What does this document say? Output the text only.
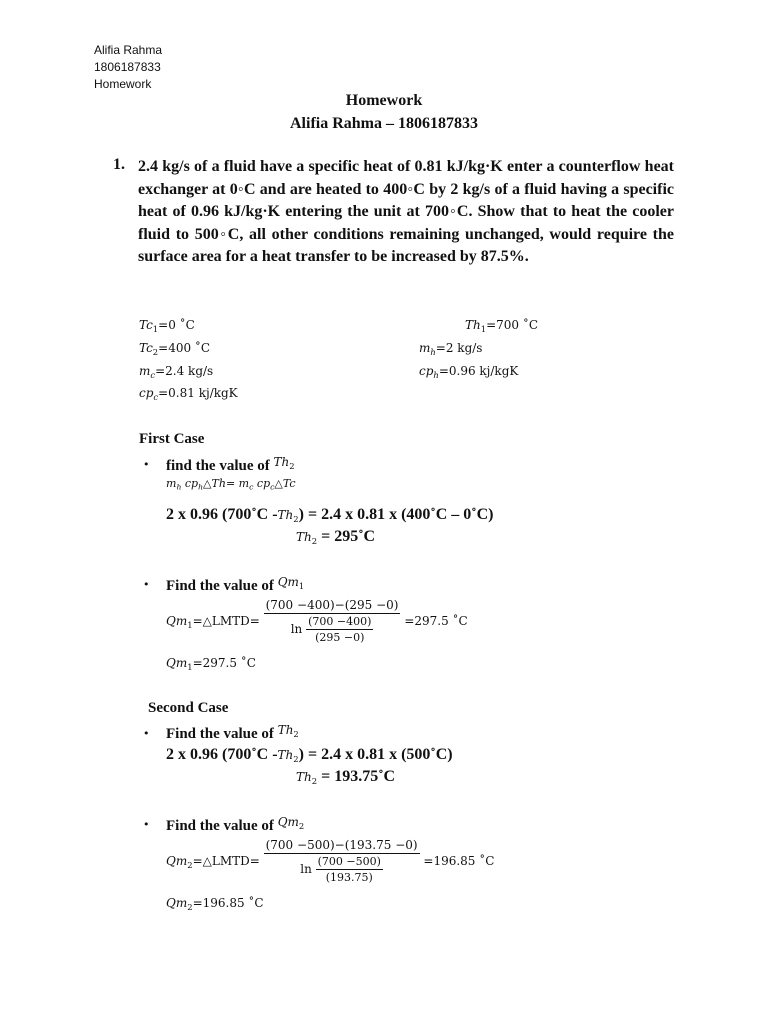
Alifia Rahma
1806187833
Homework
Homework
Alifia Rahma – 1806187833
1. 2.4 kg/s of a fluid have a specific heat of 0.81 kJ/kg·K enter a counterflow heat exchanger at 0◦C and are heated to 400◦C by 2 kg/s of a fluid having a specific heat of 0.96 kJ/kg·K entering the unit at 700◦C. Show that to heat the cooler fluid to 500◦C, all other conditions remaining unchanged, would require the surface area for a heat transfer to be increased by 87.5%.
$Tc_1=0$ ˚C
$Tc_2=400$ ˚C
$m_c=2.4$ kg/s
$cp_c=0.81$ kj/kgK
$Th_1=700$ ˚C
$m_h=2$ kg/s
$cp_h=0.96$ kj/kgK
First Case
• find the value of $^{Th_2}$
$m_h$ $cp_h\triangle Th= m_c$ $cp_c\triangle Tc$
2 x 0.96 (700˚C $-Th_2) = 2.4$ x 0.81 x (400˚C – 0˚C)
$Th_2$ = 295˚C
• Find the value of $^{Qm_1}$
$Qm_1=\triangle LMTD= \frac{(700 -400)-(295 -0)}{\ln \frac{(700 -400)}{(295 -0)}} =297.5$ ˚C
$Qm_1=297.5$ ˚C
Second Case
• Find the value of $^{Th_2}$
2 x 0.96 (700˚C $-Th_2) = 2.4$ x 0.81 x (500˚C)
$Th_2$ = 193.75˚C
• Find the value of $^{Qm_2}$
$Qm_2=\triangle LMTD= \frac{(700 -500)-(193.75 -0)}{\ln \frac{(700 -500)}{(193.75)}} =196.85$ ˚C
$Qm_2=196.85$ ˚C
